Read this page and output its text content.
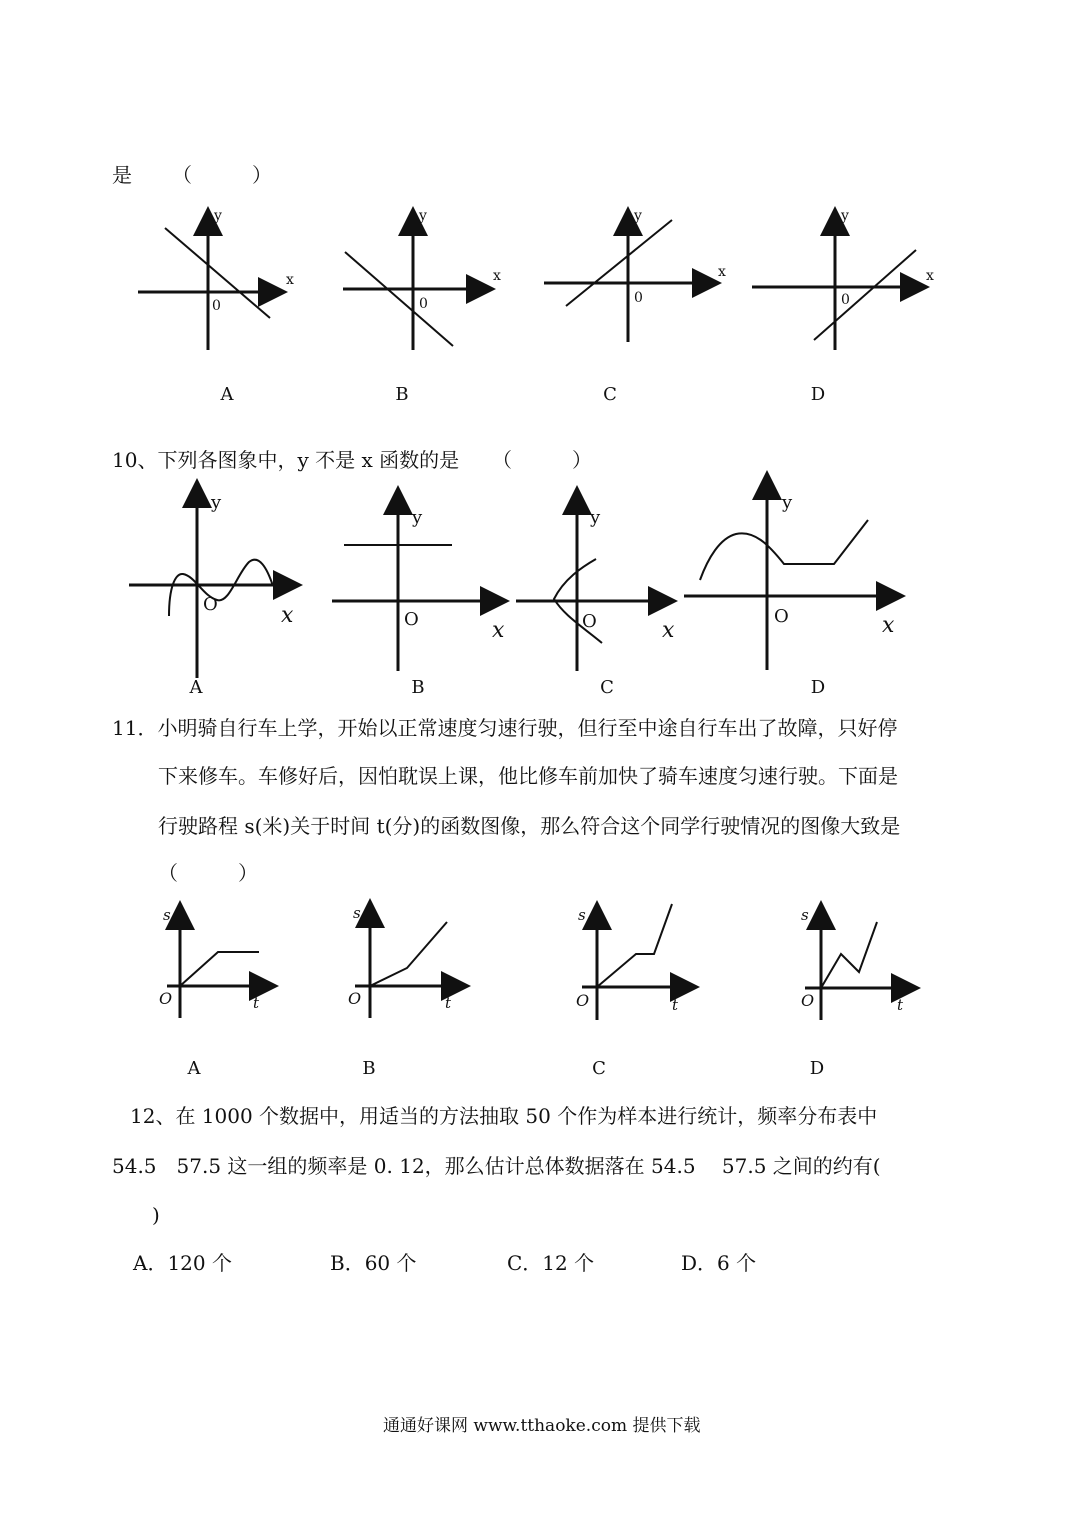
是 （　　　）
y
x
0
y
x
0
y
x
0
y
x
0
A	B	C	D
10、下列各图象中，y 不是 x 函数的是 （　　　）
y
x
O
y
x
O
y
x
O
y
x
O
A	B	C	D
11．小明骑自行车上学，开始以正常速度匀速行驶，但行至中途自行车出了故障，只好停
下来修车。车修好后，因怕耽误上课，他比修车前加快了骑车速度匀速行驶。下面是
行驶路程 s(米)关于时间 t(分)的函数图像，那么符合这个同学行驶情况的图像大致是
（　　　）
s
t
O
s
t
O
s
t
O
s
t
O
A	B	C	D
12、在 1000 个数据中，用适当的方法抽取 50 个作为样本进行统计，频率分布表中
54.5　57.5 这一组的频率是 0. 12，那么估计总体数据落在 54.5　 57.5 之间的约有(
)
A．120 个	B．60 个	C．12 个	D．6 个
通通好课网 www.tthaoke.com 提供下载
